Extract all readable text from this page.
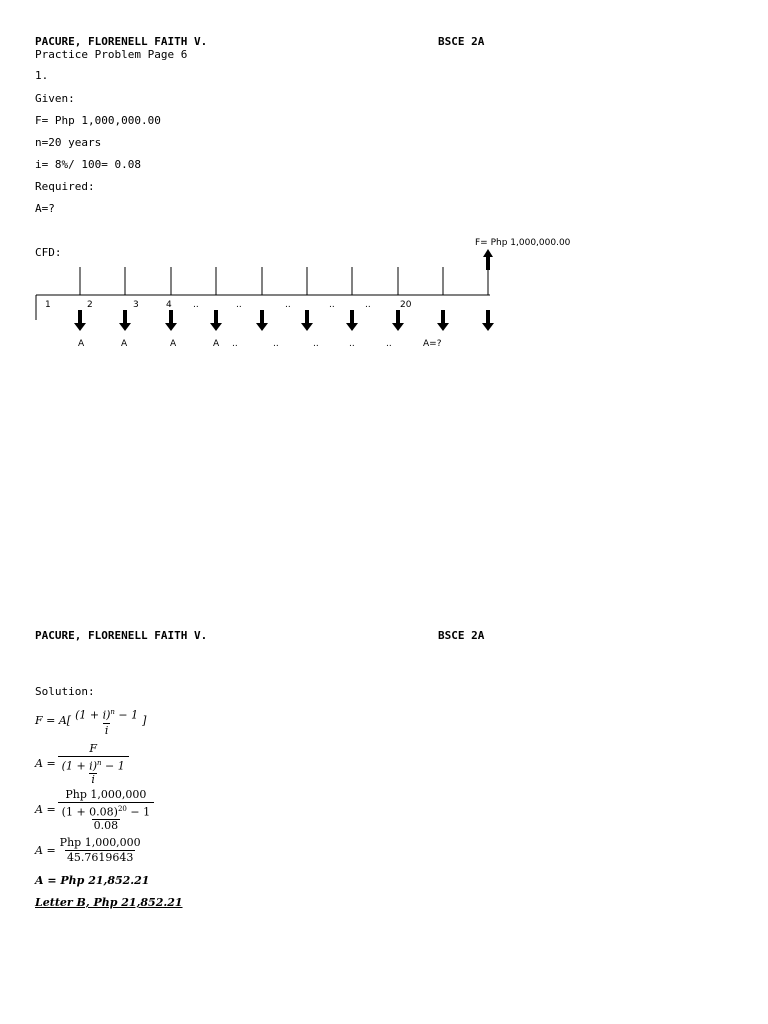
PACURE, FLORENELL FAITH V.	BSCE 2A
Practice Problem Page 6
1.
Given:
F= Php 1,000,000.00
n=20 years
i= 8%/ 100= 0.08
Required:
A=?
CFD:
F= Php 1,000,000.00
1	2	3	4 ..	..	..	..	..	20
A	A	A	A ..	..	..	..	..	A=?
PACURE, FLORENELL FAITH V.	BSCE 2A
Solution:
$F = A[ \frac{(1 + i)^n - 1}{i}$ ]
$A = \frac{F}{\frac{(1 + i)^n - 1}{i}}$
$A = \frac{\text{Php 1,000,000}}{\frac{(1 + 0.08)^{20} - 1}{0.08}}$
$A = \frac{\text{Php 1,000,000}}{45.7619643}$
A = Php 21,852.21
Letter B, Php 21,852.21
